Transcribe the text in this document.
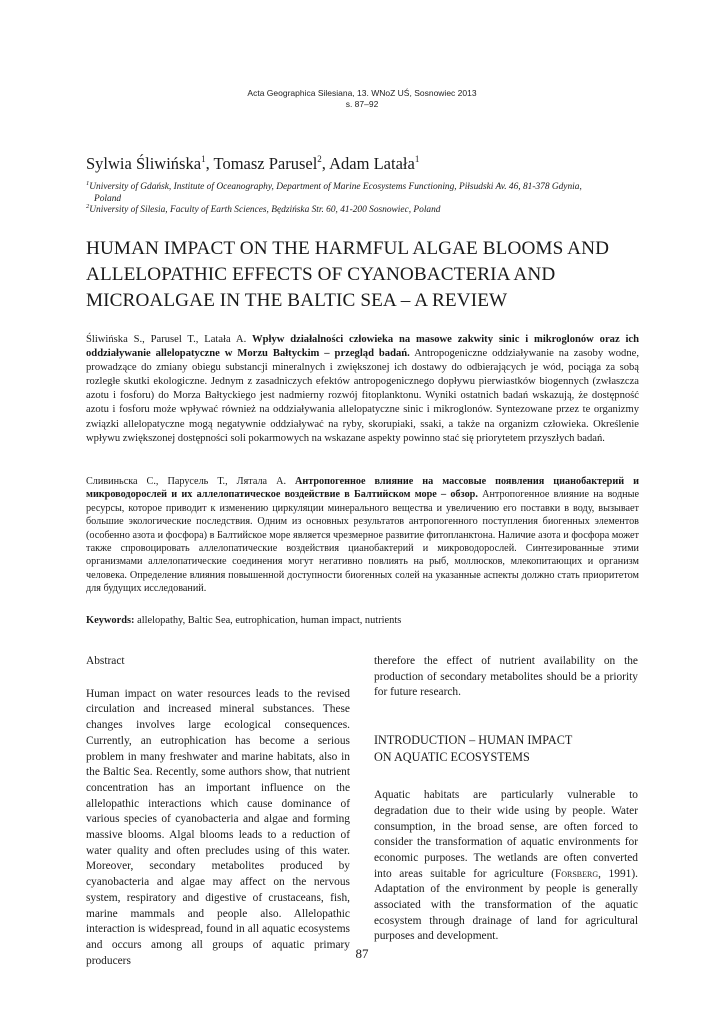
Acta Geographica Silesiana, 13. WNoZ UŚ, Sosnowiec 2013
s. 87–92
Sylwia Śliwińska$^1$, Tomasz Parusel$^2$, Adam Latała$^1$
$^1$University of Gdańsk, Institute of Oceanography, Department of Marine Ecosystems Functioning, Piłsudski Av. 46, 81-378 Gdynia,
Poland
$^2$University of Silesia, Faculty of Earth Sciences, Będzińska Str. 60, 41-200 Sosnowiec, Poland
HUMAN IMPACT ON THE HARMFUL ALGAE BLOOMS AND ALLELOPATHIC EFFECTS OF CYANOBACTERIA AND MICROALGAE IN THE BALTIC SEA – A REVIEW
Śliwińska S., Parusel T., Latała A. Wpływ działalności człowieka na masowe zakwity sinic i mikroglonów oraz ich oddziaływanie allelopatyczne w Morzu Bałtyckim – przegląd badań. Antropogeniczne oddziaływanie na zasoby wodne, prowadzące do zmiany obiegu substancji mineralnych i zwiększonej ich dostawy do odbierających je wód, pociąga za sobą rozległe skutki ekologiczne. Jednym z zasadniczych efektów antropogenicznego dopływu pierwiastków biogennych (zwłaszcza azotu i fosforu) do Morza Bałtyckiego jest nadmierny rozwój fitoplanktonu. Wyniki ostatnich badań wskazują, że dostępność azotu i fosforu może wpływać również na oddziaływania allelopatyczne sinic i mikroglonów. Syntezowane przez te organizmy związki allelopatyczne mogą negatywnie oddziaływać na ryby, skorupiaki, ssaki, a także na organizm człowieka. Określenie wpływu zwiększonej dostępności soli pokarmowych na wskazane aspekty powinno stać się priorytetem przyszłych badań.
Сливиньска С., Парусель Т., Лятала А. Антропогенное влияние на массовые появления цианобактерий и микроводорослей и их аллелопатическое воздействие в Балтийском море – обзор. Антропогенное влияние на водные ресурсы, которое приводит к изменению циркуляции минерального вещества и увеличению его поставки в воду, вызывает большие экологические последствия. Одним из основных результатов антропогенного поступления биогенных элементов (особенно азота и фосфора) в Балтийское море является чрезмерное развитие фитопланктона. Наличие азота и фосфора может также спровоцировать аллелопатические воздействия цианобактерий и микроводорослей. Синтезированные этими организмами аллелопатические соединения могут негативно повлиять на рыб, моллюсков, млекопитающих и организм человека. Определение влияния повышенной доступности биогенных солей на указанные аспекты должно стать приоритетом для будущих исследований.
Keywords: allelopathy, Baltic Sea, eutrophication, human impact, nutrients

Abstract

Human impact on water resources leads to the revised circulation and increased mineral substances. These changes involves large ecological consequences. Currently, an eutrophication has become a serious problem in many freshwater and marine habitats, also in the Baltic Sea. Recently, some authors show, that nutrient concentration has an important influence on the allelopathic interactions which cause dominance of various species of cyanobacteria and algae and forming massive blooms. Algal blooms leads to a reduction of water quality and often precludes using of this water. Moreover, secondary metabolites produced by cyanobacteria and algae may affect on the nervous system, respiratory and digestive of crustaceans, fish, marine mammals and people also. Allelopathic interaction is widespread, found in all aquatic ecosystems and occurs among all groups of aquatic primary producers

therefore the effect of nutrient availability on the production of secondary metabolites should be a priority for future research.

INTRODUCTION – HUMAN IMPACT
ON AQUATIC ECOSYSTEMS

Aquatic habitats are particularly vulnerable to degradation due to their wide using by people. Water consumption, in the broad sense, are often forced to consider the transformation of aquatic environments for economic purposes. The wetlands are often converted into areas suitable for agriculture (Forsberg, 1991). Adaptation of the environment by people is generally associated with the transformation of the aquatic ecosystem through drainage of land for agricultural purposes and development.

87
